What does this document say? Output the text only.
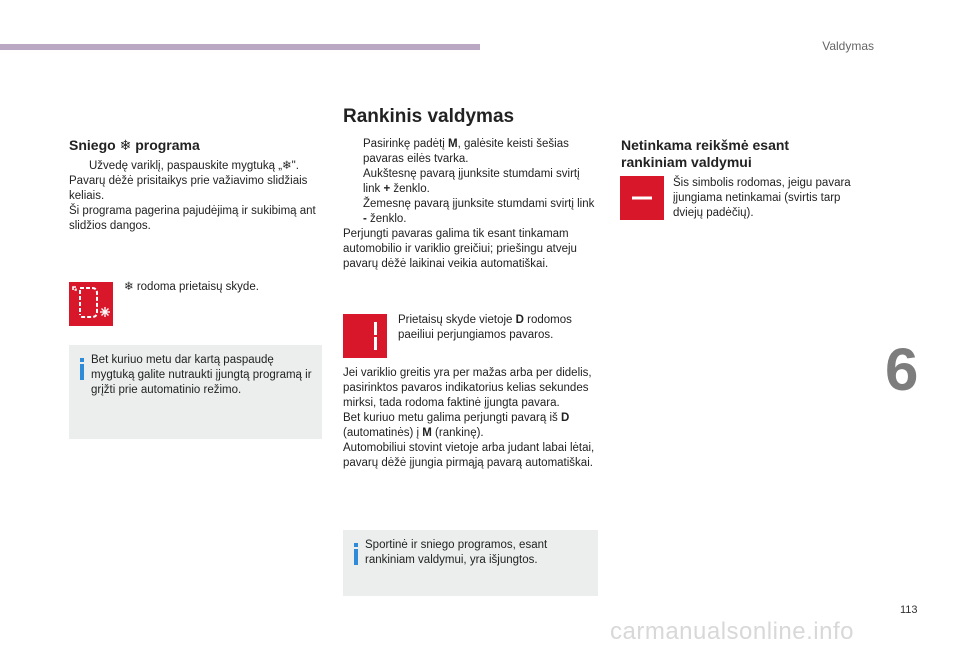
Valdymas
6
113
carmanualsonline.info
Sniego ❄ programa
Užvedę variklį, paspauskite mygtuką „❄".

Pavarų dėžė prisitaikys prie važiavimo slidžiais keliais.

Ši programa pagerina pajudėjimą ir sukibimą ant slidžios dangos.

❄ rodoma prietaisų skyde.
Bet kuriuo metu dar kartą paspaudę mygtuką galite nutraukti įjungtą programą ir grįžti prie automatinio režimo.
Rankinis valdymas
Pasirinkę padėtį M, galėsite keisti šešias pavaras eilės tvarka.
Aukštesnę pavarą įjunksite stumdami svirtį link + ženklo.
Žemesnę pavarą įjunksite stumdami svirtį link - ženklo.

Perjungti pavaras galima tik esant tinkamam automobilio ir variklio greičiui; priešingu atveju pavarų dėžė laikinai veikia automatiškai.

Prietaisų skyde vietoje D rodomos paeiliui perjungiamos pavaros.

Jei variklio greitis yra per mažas arba per didelis, pasirinktos pavaros indikatorius kelias sekundes mirksi, tada rodoma faktinė įjungta pavara.

Bet kuriuo metu galima perjungti pavarą iš D (automatinės) į M (rankinę).

Automobiliui stovint vietoje arba judant labai lėtai, pavarų dėžė įjungia pirmąją pavarą automatiškai.

Sportinė ir sniego programos, esant rankiniam valdymui, yra išjungtos.
Netinkama reikšmė esant
rankiniam valdymui
Šis simbolis rodomas, jeigu pavara įjungiama netinkamai (svirtis tarp dviejų padėčių).
